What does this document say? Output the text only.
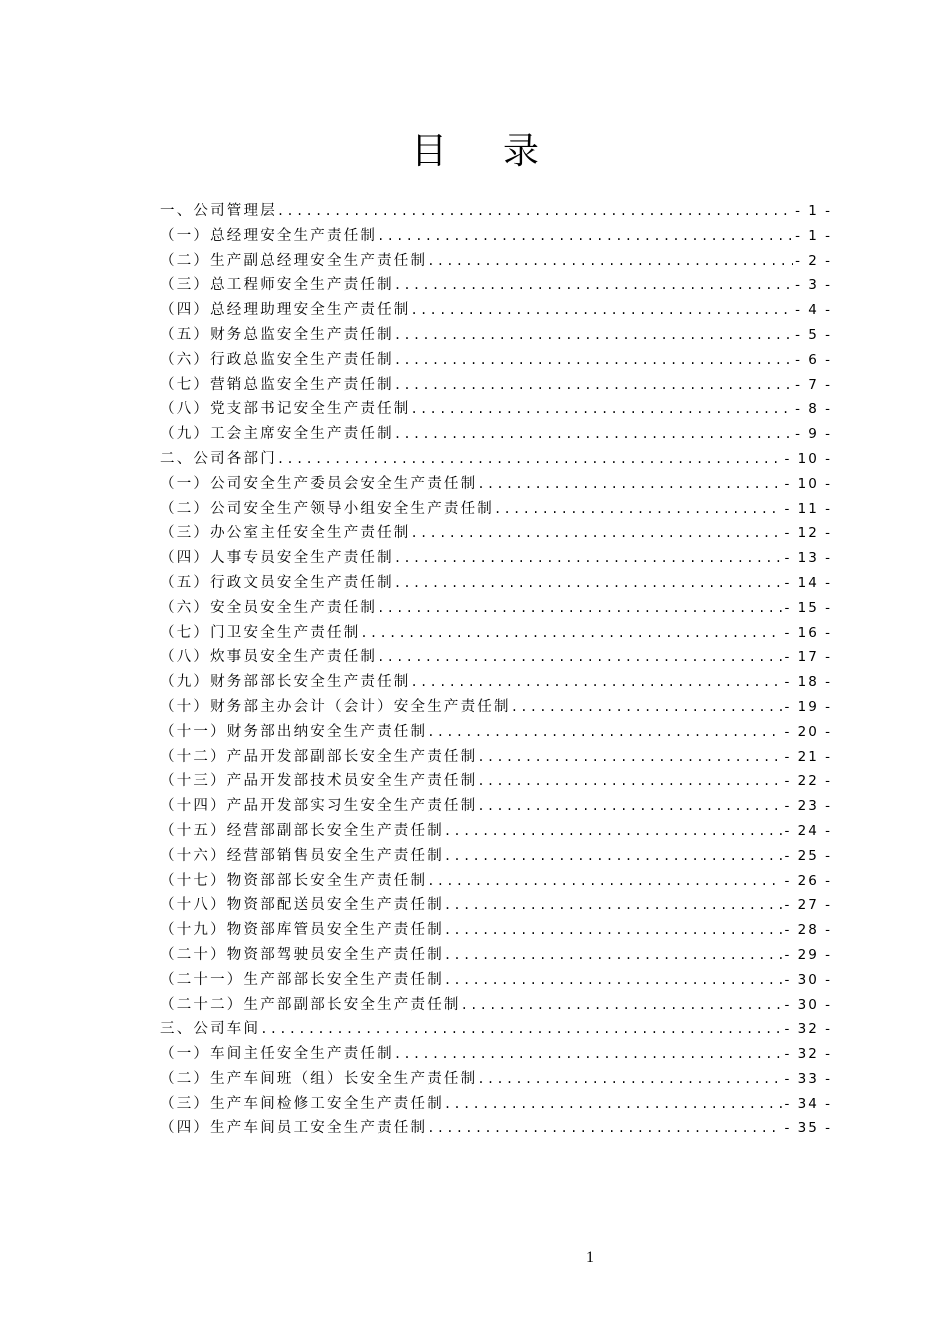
目录
一、公司管理层 .....	- 1 -
（一）总经理安全生产责任制 .....	- 1 -
（二）生产副总经理安全生产责任制 .....	- 2 -
（三）总工程师安全生产责任制 .....	- 3 -
（四）总经理助理安全生产责任制 .....	- 4 -
（五）财务总监安全生产责任制 .....	- 5 -
（六）行政总监安全生产责任制 .....	- 6 -
（七）营销总监安全生产责任制 .....	- 7 -
（八）党支部书记安全生产责任制 .....	- 8 -
（九）工会主席安全生产责任制 .....	- 9 -
二、公司各部门 .....	- 10 -
（一）公司安全生产委员会安全生产责任制 .....	- 10 -
（二）公司安全生产领导小组安全生产责任制 .....	- 11 -
（三）办公室主任安全生产责任制 .....	- 12 -
（四）人事专员安全生产责任制 .....	- 13 -
（五）行政文员安全生产责任制 .....	- 14 -
（六）安全员安全生产责任制 .....	- 15 -
（七）门卫安全生产责任制 .....	- 16 -
（八）炊事员安全生产责任制 .....	- 17 -
（九）财务部部长安全生产责任制 .....	- 18 -
（十）财务部主办会计（会计）安全生产责任制 .....	- 19 -
（十一）财务部出纳安全生产责任制 .....	- 20 -
（十二）产品开发部副部长安全生产责任制 .....	- 21 -
（十三）产品开发部技术员安全生产责任制 .....	- 22 -
（十四）产品开发部实习生安全生产责任制 .....	- 23 -
（十五）经营部副部长安全生产责任制 .....	- 24 -
（十六）经营部销售员安全生产责任制 .....	- 25 -
（十七）物资部部长安全生产责任制 .....	- 26 -
（十八）物资部配送员安全生产责任制 .....	- 27 -
（十九）物资部库管员安全生产责任制 .....	- 28 -
（二十）物资部驾驶员安全生产责任制 .....	- 29 -
（二十一）生产部部长安全生产责任制 .....	- 30 -
（二十二）生产部副部长安全生产责任制 .....	- 30 -
三、公司车间 .....	- 32 -
（一）车间主任安全生产责任制 .....	- 32 -
（二）生产车间班（组）长安全生产责任制 .....	- 33 -
（三）生产车间检修工安全生产责任制 .....	- 34 -
（四）生产车间员工安全生产责任制 .....	- 35 -

1
